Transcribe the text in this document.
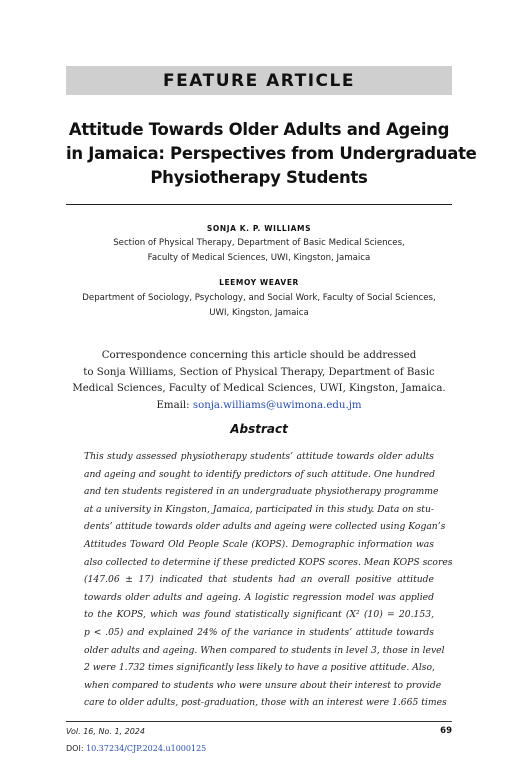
FEATURE ARTICLE
Attitude Towards Older Adults and Ageing
in Jamaica: Perspectives from Undergraduate
Physiotherapy Students
SONJA K. P. WILLIAMS
Section of Physical Therapy, Department of Basic Medical Sciences,
Faculty of Medical Sciences, UWI, Kingston, Jamaica
LEEMOY WEAVER
Department of Sociology, Psychology, and Social Work, Faculty of Social Sciences,
UWI, Kingston, Jamaica
Correspondence concerning this article should be addressed
to Sonja Williams, Section of Physical Therapy, Department of Basic
Medical Sciences, Faculty of Medical Sciences, UWI, Kingston, Jamaica.
Email: sonja.williams@uwimona.edu.jm
Abstract
This study assessed physiotherapy students’ attitude towards older adults
and ageing and sought to identify predictors of such attitude. One hundred
and ten students registered in an undergraduate physiotherapy programme
at a university in Kingston, Jamaica, participated in this study. Data on stu-
dents’ attitude towards older adults and ageing were collected using Kogan’s
Attitudes Toward Old People Scale (KOPS). Demographic information was
also collected to determine if these predicted KOPS scores. Mean KOPS scores
(147.06 ± 17) indicated that students had an overall positive attitude
towards older adults and ageing. A logistic regression model was applied
to the KOPS, which was found statistically significant (X² (10) = 20.153,
p < .05) and explained 24% of the variance in students’ attitude towards
older adults and ageing. When compared to students in level 3, those in level
2 were 1.732 times significantly less likely to have a positive attitude. Also,
when compared to students who were unsure about their interest to provide
care to older adults, post-graduation, those with an interest were 1.665 times
Vol. 16, No. 1, 2024	69
DOI: 10.37234/CJP.2024.u1000125
